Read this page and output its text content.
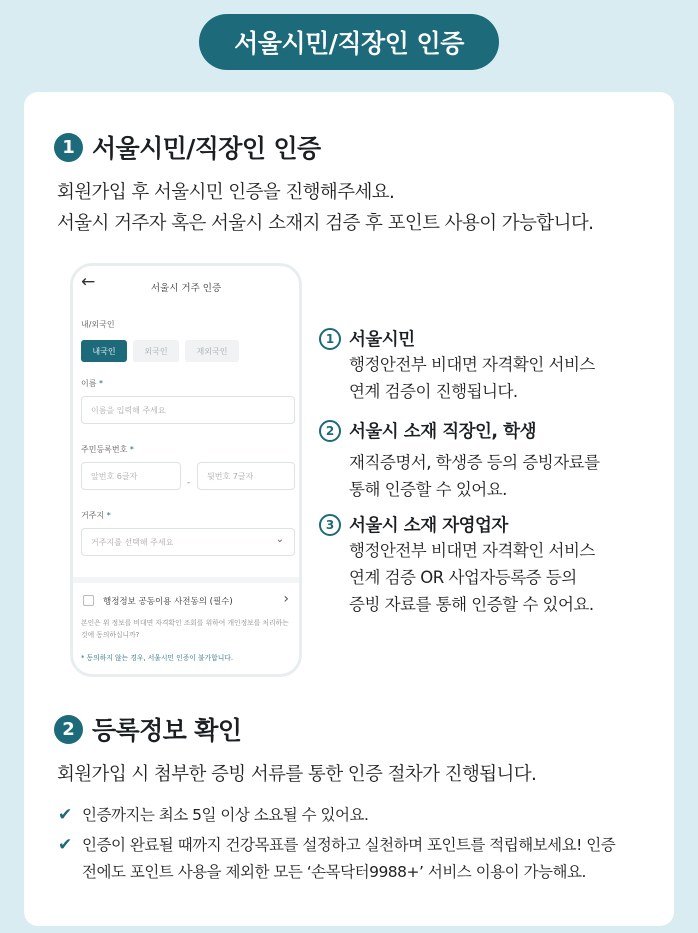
서울시민/직장인 인증
1 서울시민/직장인 인증
회원가입 후 서울시민 인증을 진행해주세요.
서울시 거주자 혹은 서울시 소재지 검증 후 포인트 사용이 가능합니다.
←	서울시 거주 인증
내/외국인
내국인	외국인	재외국인
이름 *
이름을 입력해 주세요
주민등록번호 *
앞번호 6글자
-
뒷번호 7글자
거주지 *
거주지를 선택해 주세요	⌄
행정정보 공동이용 사전동의 (필수)	›
본인은 위 정보를 비대면 자격확인 조회를 위하여 개인정보를 처리하는 것에 동의하십니까?
* 동의하지 않는 경우, 서울시민 인증이 불가합니다.
1 서울시민
행정안전부 비대면 자격확인 서비스
연계 검증이 진행됩니다.
2 서울시 소재 직장인, 학생
재직증명서, 학생증 등의 증빙자료를
통해 인증할 수 있어요.
3 서울시 소재 자영업자
행정안전부 비대면 자격확인 서비스
연계 검증 OR 사업자등록증 등의
증빙 자료를 통해 인증할 수 있어요.
2 등록정보 확인
회원가입 시 첨부한 증빙 서류를 통한 인증 절차가 진행됩니다.
✔ 인증까지는 최소 5일 이상 소요될 수 있어요.
✔ 인증이 완료될 때까지 건강목표를 설정하고 실천하며 포인트를 적립해보세요! 인증
전에도 포인트 사용을 제외한 모든 ‘손목닥터9988+’ 서비스 이용이 가능해요.
